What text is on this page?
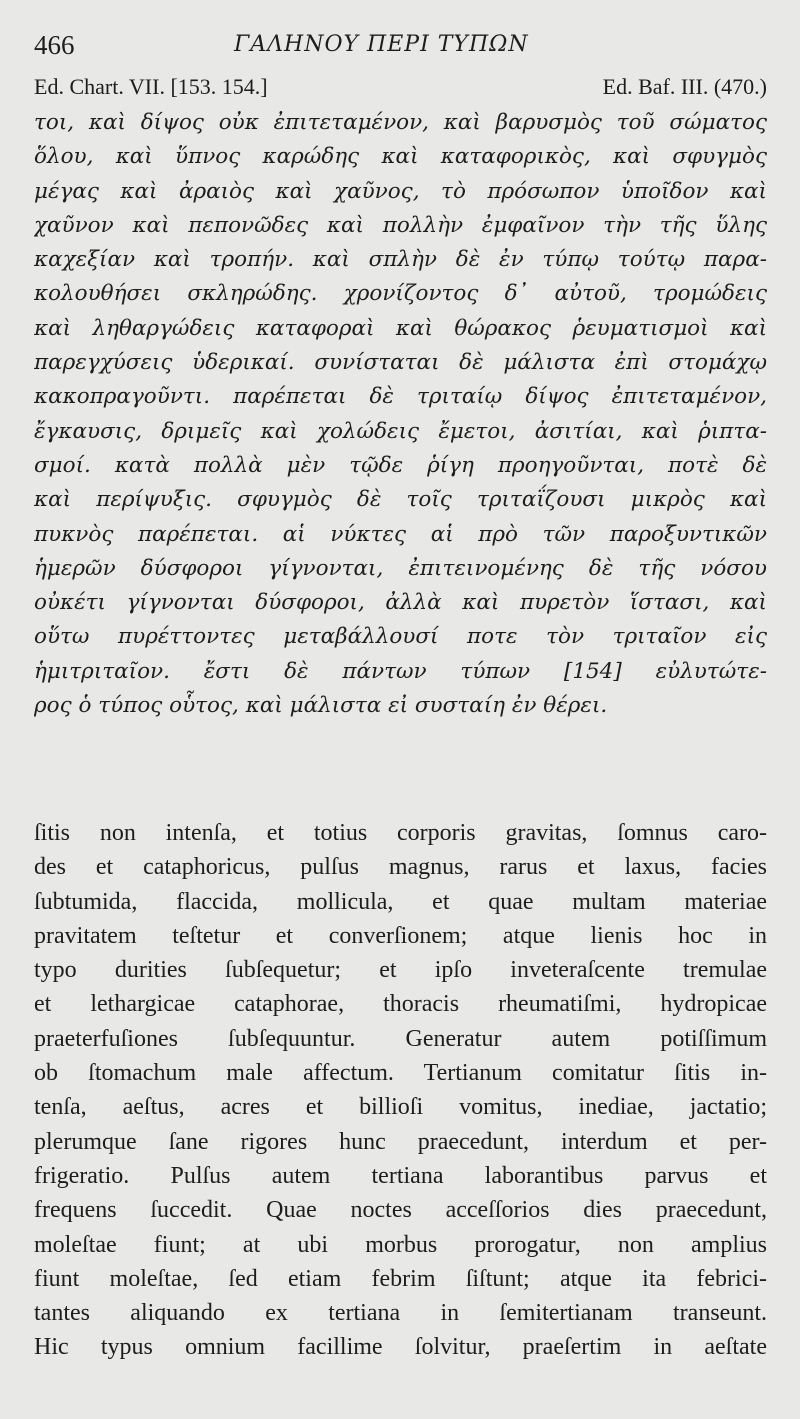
466	ΓΑΛΗΝΟΥ ΠΕΡΙ ΤΥΠΩΝ
Ed. Chart. VII. [153. 154.]	Ed. Baf. III. (470.)
τοι, καὶ δίψος οὐκ ἐπιτεταμένον, καὶ βαρυσμὸς τοῦ σώματος
ὅλου, καὶ ὕπνος καρώδης καὶ καταφορικὸς, καὶ σφυγμὸς
μέγας καὶ ἀραιὸς καὶ χαῦνος, τὸ πρόσωπον ὑποῖδον καὶ
χαῦνον καὶ πεπονῶδες καὶ πολλὴν ἐμφαῖνον τὴν τῆς ὕλης
καχεξίαν καὶ τροπήν. καὶ σπλὴν δὲ ἐν τύπῳ τούτῳ παρα-
κολουθήσει σκληρώδης. χρονίζοντος δ᾽ αὐτοῦ, τρομώδεις
καὶ ληθαργώδεις καταφοραὶ καὶ θώρακος ῥευματισμοὶ καὶ
παρεγχύσεις ὑδερικαί. συνίσταται δὲ μάλιστα ἐπὶ στομάχῳ
κακοπραγοῦντι. παρέπεται δὲ τριταίῳ δίψος ἐπιτεταμένον,
ἔγκαυσις, δριμεῖς καὶ χολώδεις ἔμετοι, ἀσιτίαι, καὶ ῥιπτα-
σμοί. κατὰ πολλὰ μὲν τῷδε ῥίγη προηγοῦνται, ποτὲ δὲ
καὶ περίψυξις. σφυγμὸς δὲ τοῖς τριταΐζουσι μικρὸς καὶ
πυκνὸς παρέπεται. αἱ νύκτες αἱ πρὸ τῶν παροξυντικῶν
ἡμερῶν δύσφοροι γίγνονται, ἐπιτεινομένης δὲ τῆς νόσου
οὐκέτι γίγνονται δύσφοροι, ἀλλὰ καὶ πυρετὸν ἵστασι, καὶ
οὕτω πυρέττοντες μεταβάλλουσί ποτε τὸν τριταῖον εἰς
ἡμιτριταῖον. ἔστι δὲ πάντων τύπων [154] εὐλυτώτε-
ρος ὁ τύπος οὗτος, καὶ μάλιστα εἰ συσταίη ἐν θέρει.
ſitis non intenſa, et totius corporis gravitas, ſomnus caro-
des et cataphoricus, pulſus magnus, rarus et laxus, facies
ſubtumida, flaccida, mollicula, et quae multam materiae
pravitatem teſtetur et converſionem; atque lienis hoc in
typo durities ſubſequetur; et ipſo inveteraſcente tremulae
et lethargicae cataphorae, thoracis rheumatiſmi, hydropicae
praeterfuſiones ſubſequuntur. Generatur autem potiſſimum
ob ſtomachum male affectum. Tertianum comitatur ſitis in-
tenſa, aeſtus, acres et billioſi vomitus, inediae, jactatio;
plerumque ſane rigores hunc praecedunt, interdum et per-
frigeratio. Pulſus autem tertiana laborantibus parvus et
frequens ſuccedit. Quae noctes acceſſorios dies praecedunt,
moleſtae fiunt; at ubi morbus prorogatur, non amplius
fiunt moleſtae, ſed etiam febrim ſiſtunt; atque ita febrici-
tantes aliquando ex tertiana in ſemitertianam transeunt.
Hic typus omnium facillime ſolvitur, praeſertim in aeſtate
